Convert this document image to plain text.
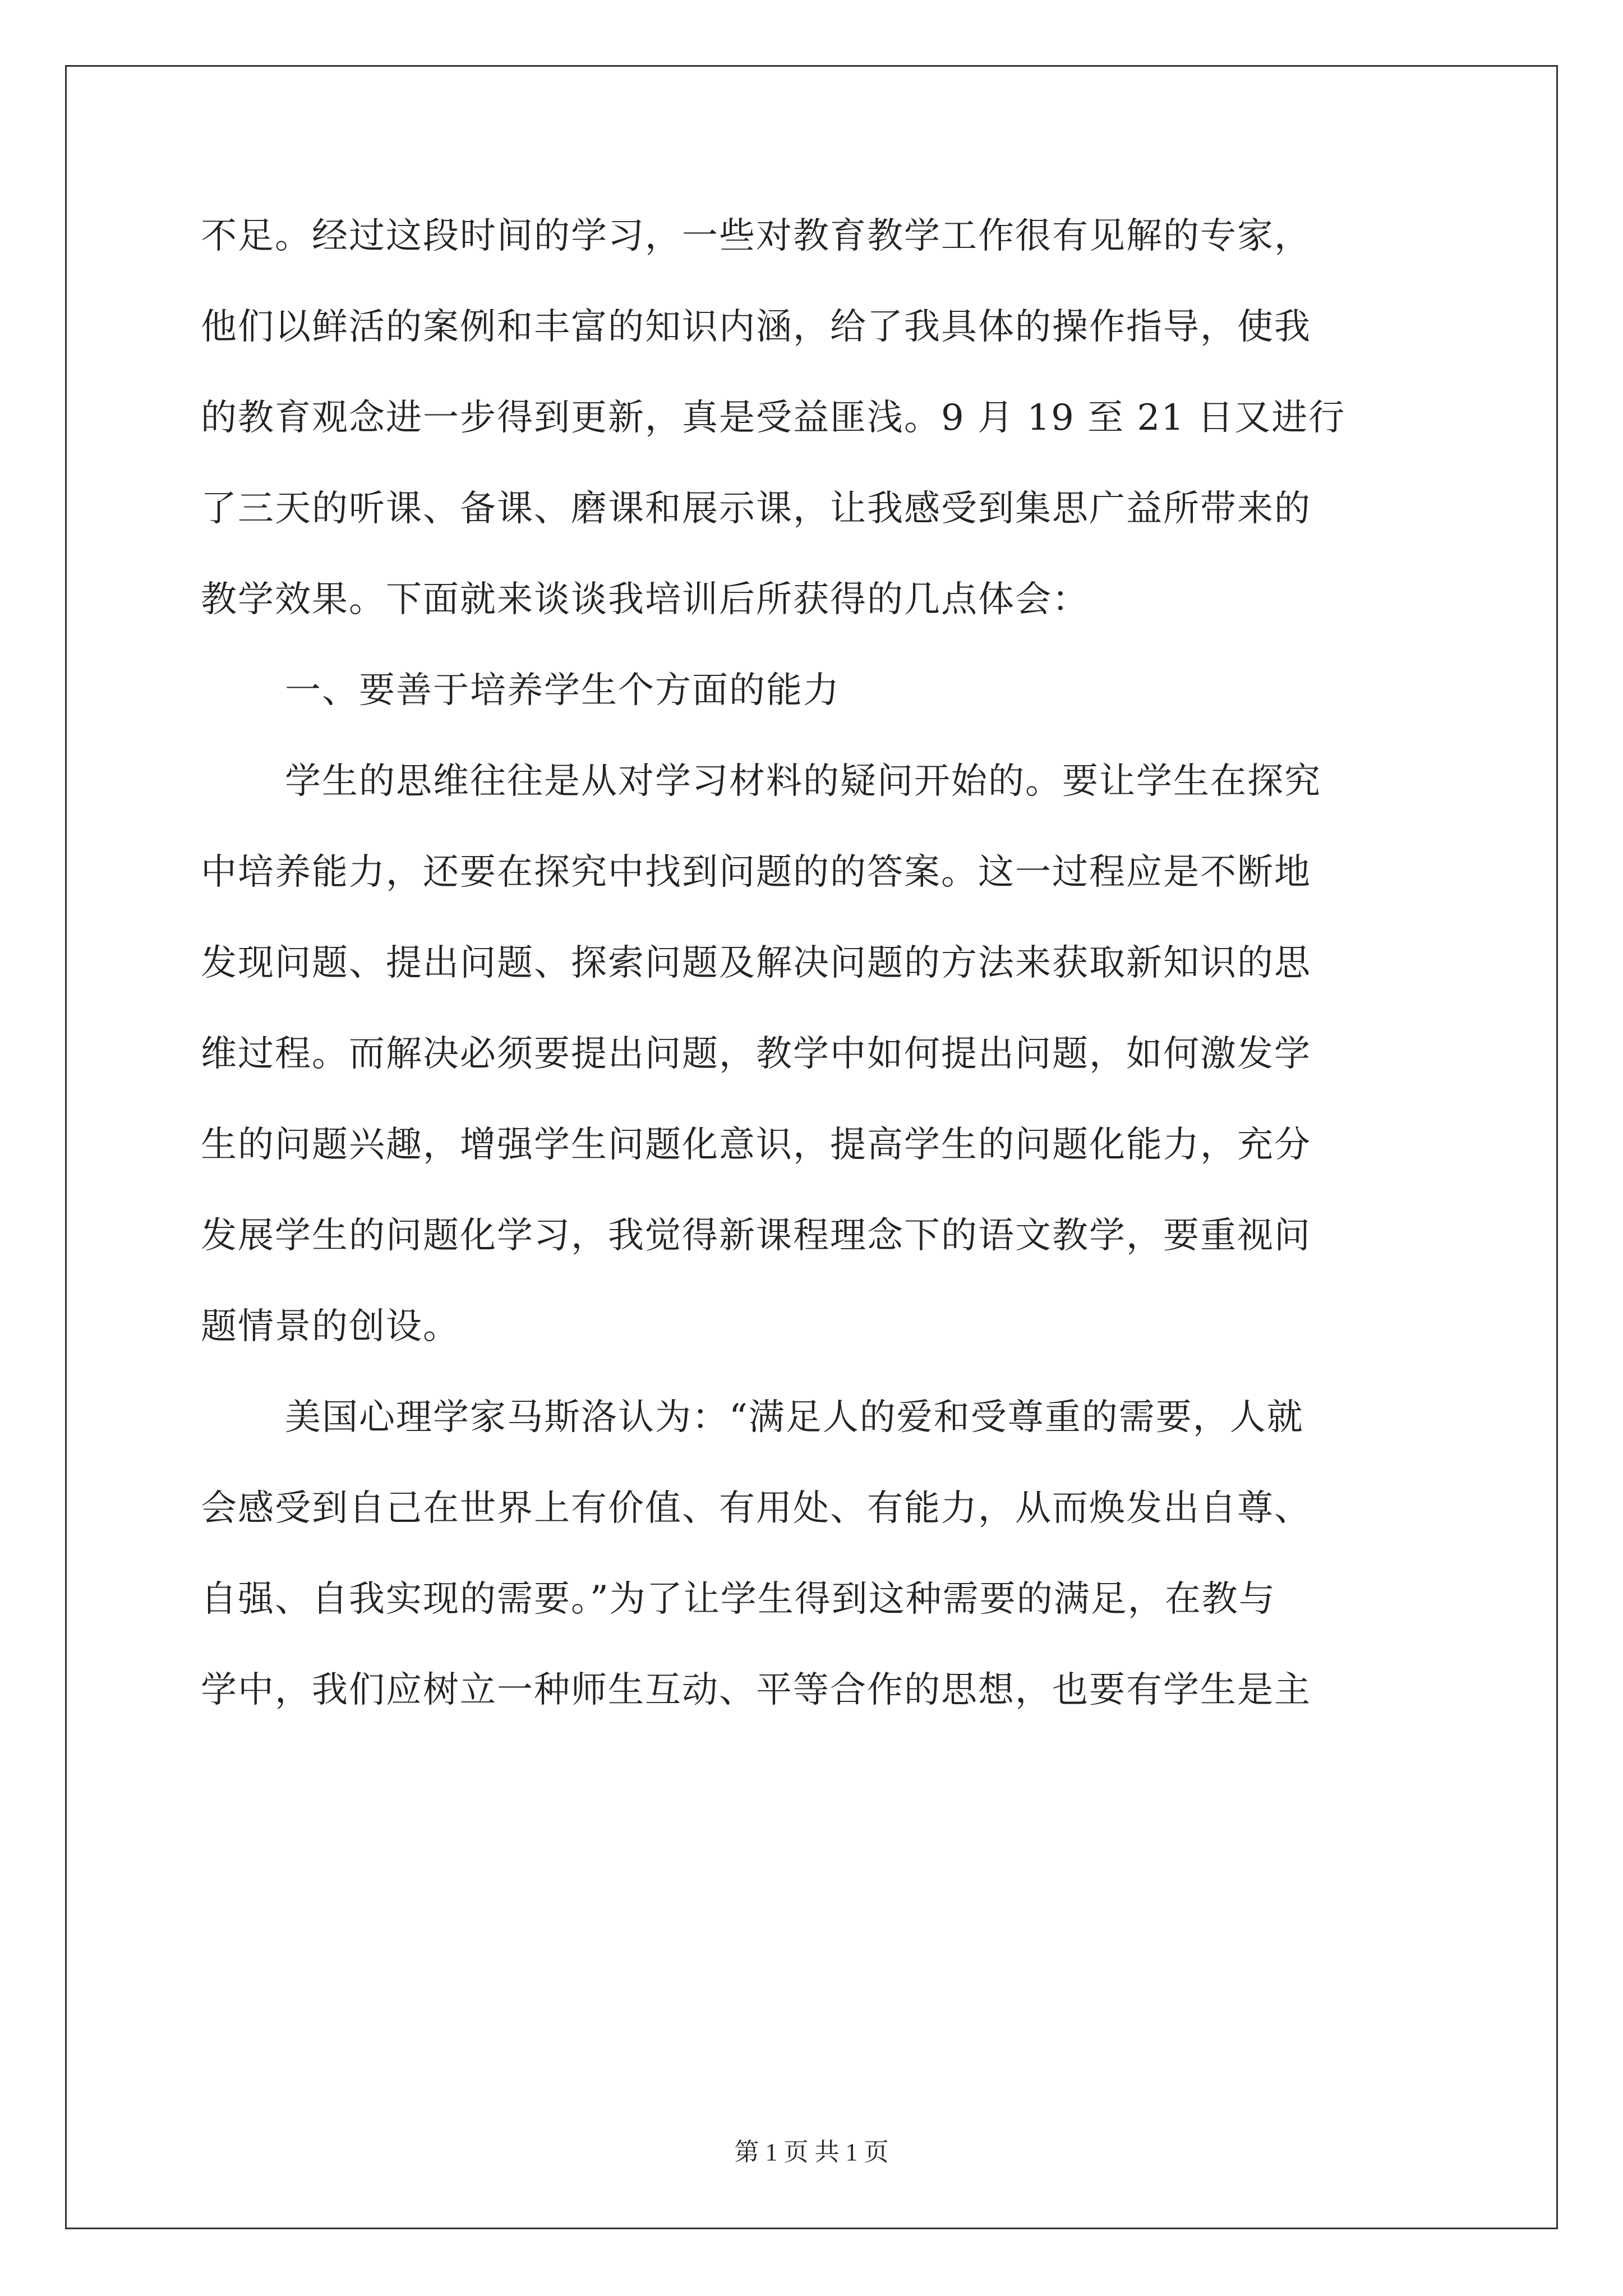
不足。经过这段时间的学习，一些对教育教学工作很有见解的专家，
他们以鲜活的案例和丰富的知识内涵，给了我具体的操作指导，使我
的教育观念进一步得到更新，真是受益匪浅。9 月 19 至 21 日又进行
了三天的听课、备课、磨课和展示课，让我感受到集思广益所带来的
教学效果。下面就来谈谈我培训后所获得的几点体会：
一、要善于培养学生个方面的能力
学生的思维往往是从对学习材料的疑问开始的。要让学生在探究
中培养能力，还要在探究中找到问题的的答案。这一过程应是不断地
发现问题、提出问题、探索问题及解决问题的方法来获取新知识的思
维过程。而解决必须要提出问题，教学中如何提出问题，如何激发学
生的问题兴趣，增强学生问题化意识，提高学生的问题化能力，充分
发展学生的问题化学习，我觉得新课程理念下的语文教学，要重视问
题情景的创设。
美国心理学家马斯洛认为：“满足人的爱和受尊重的需要，人就
会感受到自己在世界上有价值、有用处、有能力，从而焕发出自尊、
自强、自我实现的需要。”为了让学生得到这种需要的满足，在教与
学中，我们应树立一种师生互动、平等合作的思想，也要有学生是主
第 1 页 共 1 页
